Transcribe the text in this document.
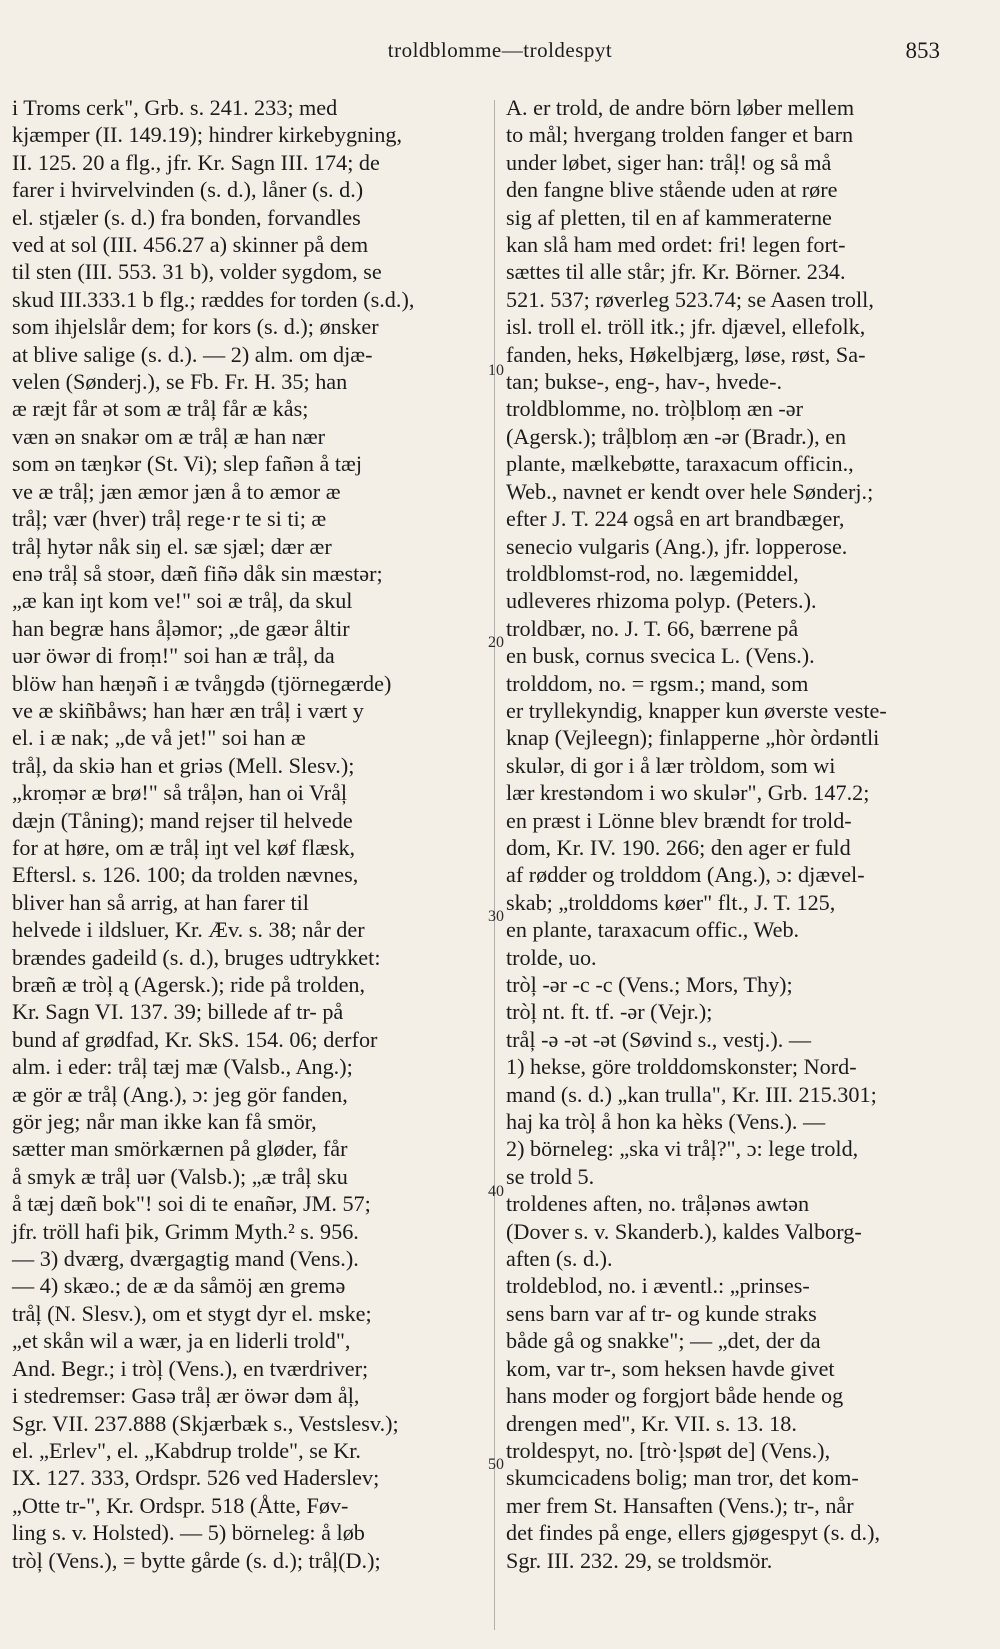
troldblomme—troldespyt	853
i Troms cerk", Grb. s. 241. 233; med
kjæmper (II. 149.19); hindrer kirkebygning,
II. 125. 20 a flg., jfr. Kr. Sagn III. 174; de
farer i hvirvelvinden (s. d.), låner (s. d.)
el. stjæler (s. d.) fra bonden, forvandles
ved at sol (III. 456.27 a) skinner på dem
til sten (III. 553. 31 b), volder sygdom, se
skud III.333.1 b flg.; ræddes for torden (s.d.),
som ihjelslår dem; for kors (s. d.); ønsker
at blive salige (s. d.). — 2) alm. om djæ-
velen (Sønderj.), se Fb. Fr. H. 35; han
æ ræjt får ət som æ tråļ får æ kås;
væn ən snakər om æ tråļ æ han nær
som ən tæŋkər (St. Vi); slep fañən å tæj
ve æ tråļ; jæn æmor jæn å to æmor æ
tråļ; vær (hver) tråļ rege·r te si ti; æ
tråļ hytər nåk siŋ el. sæ sjæl; dær ær
enə tråļ så stoər, dæñ fiñə dåk sin mæstər;
„æ kan iŋt kom ve!" soi æ tråļ, da skul
han begræ hans åļəmor; „de gæər åltir
uər öwər di froṃ!" soi han æ tråļ, da
blöw han hæŋəñ i æ tvåŋgdə (tjörnegærde)
ve æ skiñbåws; han hær æn tråļ i vært y
el. i æ nak; „de vå jet!" soi han æ
tråļ, da skiə han et griəs (Mell. Slesv.);
„kroṃər æ brø!" så tråļən, han oi Vråļ
dæjn (Tåning); mand rejser til helvede
for at høre, om æ tråļ iŋt vel køf flæsk,
Eftersl. s. 126. 100; da trolden nævnes,
bliver han så arrig, at han farer til
helvede i ildsluer, Kr. Æv. s. 38; når der
brændes gadeild (s. d.), bruges udtrykket:
bræñ æ tròļ ą (Agersk.); ride på trolden,
Kr. Sagn VI. 137. 39; billede af tr- på
bund af grødfad, Kr. SkS. 154. 06; derfor
alm. i eder: tråļ tæj mæ (Valsb., Ang.);
æ gör æ tråļ (Ang.), ɔ: jeg gör fanden,
gör jeg; når man ikke kan få smör,
sætter man smörkærnen på gløder, får
å smyk æ tråļ uər (Valsb.); „æ tråļ sku
å tæj dæñ bok"! soi di te enañər, JM. 57;
jfr. tröll hafi þik, Grimm Myth.² s. 956.
— 3) dværg, dværgagtig mand (Vens.).
— 4) skæo.; de æ da såmöj æn gremə
tråļ (N. Slesv.), om et stygt dyr el. mske;
„et skån wil a wær, ja en liderli trold",
And. Begr.; i tròļ (Vens.), en tværdriver;
i stedremser: Gasə tråļ ær öwər dəm åļ,
Sgr. VII. 237.888 (Skjærbæk s., Vestslesv.);
el. „Erlev", el. „Kabdrup trolde", se Kr.
IX. 127. 333, Ordspr. 526 ved Haderslev;
„Otte tr-", Kr. Ordspr. 518 (Åtte, Føv-
ling s. v. Holsted). — 5) börneleg: å løb
tròļ (Vens.), = bytte gårde (s. d.); tråļ(D.);
A. er trold, de andre börn løber mellem
to mål; hvergang trolden fanger et barn
under løbet, siger han: tråļ! og så må
den fangne blive stående uden at røre
sig af pletten, til en af kammeraterne
kan slå ham med ordet: fri! legen fort-
sættes til alle står; jfr. Kr. Börner. 234.
521. 537; røverleg 523.74; se Aasen troll,
isl. troll el. tröll itk.; jfr. djævel, ellefolk,
fanden, heks, Høkelbjærg, løse, røst, Sa-
tan; bukse-, eng-, hav-, hvede-.
troldblomme, no. tròļbloṃ æn -ər
(Agersk.); tråļbloṃ æn -ər (Bradr.), en
plante, mælkebøtte, taraxacum officin.,
Web., navnet er kendt over hele Sønderj.;
efter J. T. 224 også en art brandbæger,
senecio vulgaris (Ang.), jfr. lopperose.
troldblomst-rod, no. lægemiddel,
udleveres rhizoma polyp. (Peters.).
troldbær, no. J. T. 66, bærrene på
en busk, cornus svecica L. (Vens.).
trolddom, no. = rgsm.; mand, som
er tryllekyndig, knapper kun øverste veste-
knap (Vejleegn); finlapperne „hòr òrdəntli
skulər, di gor i å lær tròldom, som wi
lær krestəndom i wo skulər", Grb. 147.2;
en præst i Lönne blev brændt for trold-
dom, Kr. IV. 190. 266; den ager er fuld
af rødder og trolddom (Ang.), ɔ: djævel-
skab; „trolddoms køer" flt., J. T. 125,
en plante, taraxacum offic., Web.
trolde, uo.
tròļ -ər -c -c (Vens.; Mors, Thy);
tròļ nt. ft. tf. -ər (Vejr.);
tråļ -ə -ət -ət (Søvind s., vestj.). —
1) hekse, göre trolddomskonster; Nord-
mand (s. d.) „kan trulla", Kr. III. 215.301;
haj ka tròļ å hon ka hèks (Vens.). —
2) börneleg: „ska vi tråļ?", ɔ: lege trold,
se trold 5.
troldenes aften, no. tråļənəs awtən
(Dover s. v. Skanderb.), kaldes Valborg-
aften (s. d.).
troldeblod, no. i æventl.: „prinses-
sens barn var af tr- og kunde straks
både gå og snakke"; — „det, der da
kom, var tr-, som heksen havde givet
hans moder og forgjort både hende og
drengen med", Kr. VII. s. 13. 18.
troldespyt, no. [trò·ļspøt de] (Vens.),
skumcicadens bolig; man tror, det kom-
mer frem St. Hansaften (Vens.); tr-, når
det findes på enge, ellers gjøgespyt (s. d.),
Sgr. III. 232. 29, se troldsmör.
10
20
30
40
50
